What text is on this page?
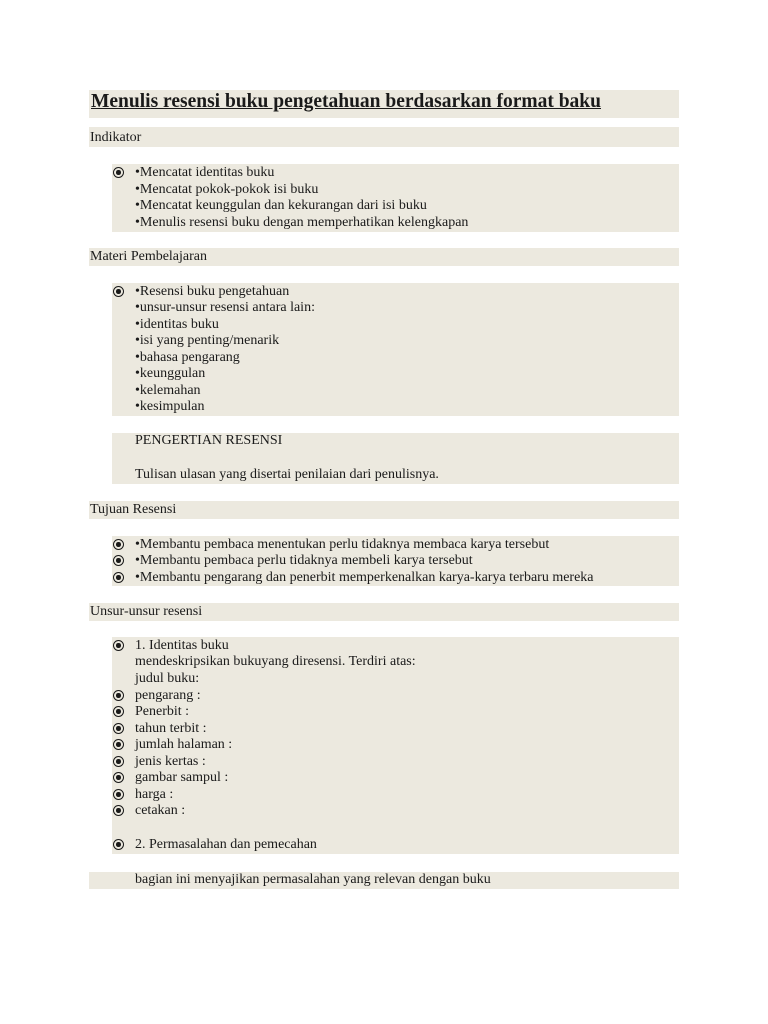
Menulis resensi buku pengetahuan berdasarkan format baku
Indikator
•Mencatat identitas buku
•Mencatat pokok-pokok isi buku
•Mencatat keunggulan dan kekurangan dari isi buku
•Menulis resensi buku dengan memperhatikan kelengkapan
Materi Pembelajaran
•Resensi buku pengetahuan
•unsur-unsur resensi antara lain:
•identitas buku
•isi yang penting/menarik
•bahasa pengarang
•keunggulan
•kelemahan
•kesimpulan
PENGERTIAN RESENSI
Tulisan ulasan yang disertai penilaian dari penulisnya.
Tujuan Resensi
•Membantu pembaca menentukan perlu tidaknya membaca karya tersebut
•Membantu pembaca perlu tidaknya membeli karya tersebut
•Membantu pengarang dan penerbit memperkenalkan karya-karya terbaru mereka
Unsur-unsur resensi
1. Identitas buku
mendeskripsikan bukuyang diresensi. Terdiri atas:
judul buku:
pengarang :
Penerbit :
tahun terbit :
jumlah halaman :
jenis kertas :
gambar sampul :
harga :
cetakan :
2. Permasalahan dan pemecahan
bagian ini menyajikan permasalahan yang relevan dengan buku
